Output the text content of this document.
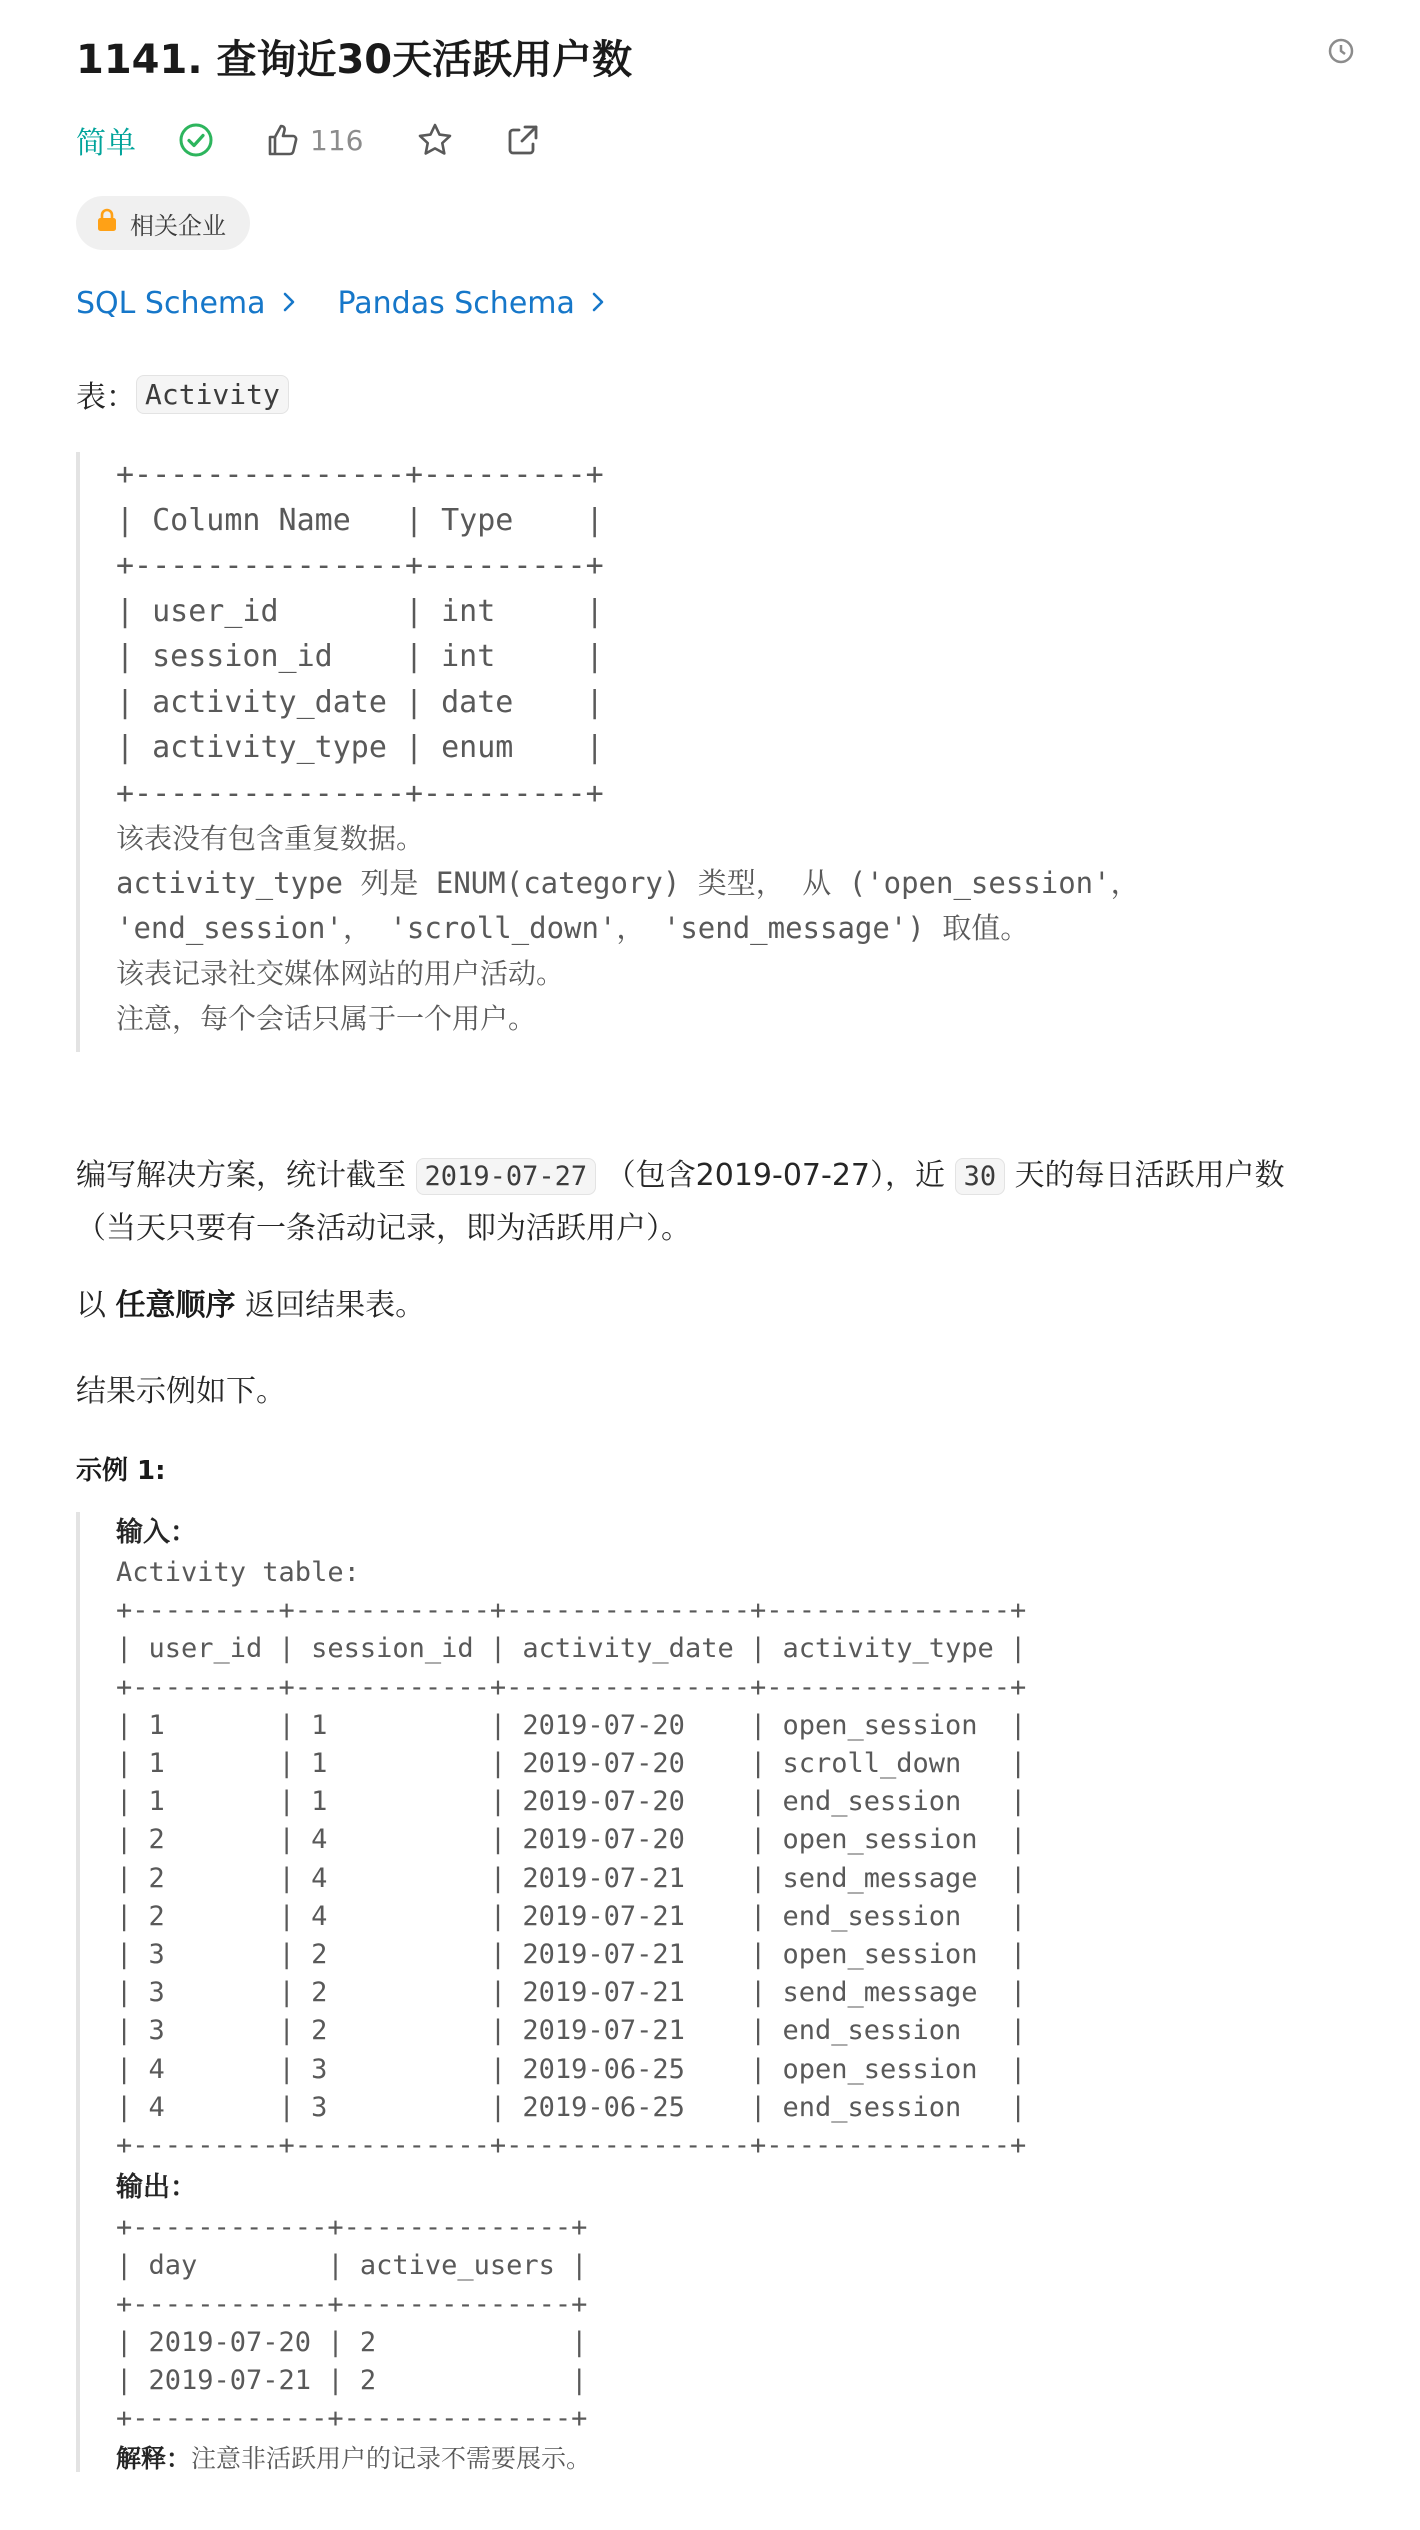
1141. 查询近30天活跃用户数
简单	116
相关企业
SQL Schema Pandas Schema
表： Activity
+---------------+---------+
| Column Name   | Type    |
+---------------+---------+
| user_id       | int     |
| session_id    | int     |
| activity_date | date    |
| activity_type | enum    |
+---------------+---------+
该表没有包含重复数据。
activity_type 列是 ENUM(category) 类型， 从 ('open_session'，
'end_session'， 'scroll_down'， 'send_message') 取值。
该表记录社交媒体网站的用户活动。
注意，每个会话只属于一个用户。
编写解决方案，统计截至 2019-07-27 （包含2019-07-27），近 30 天的每日活跃用户数（当天只要有一条活动记录，即为活跃用户）。
以 任意顺序 返回结果表。
结果示例如下。
示例 1:
输入：
Activity table:
+---------+------------+---------------+---------------+
| user_id | session_id | activity_date | activity_type |
+---------+------------+---------------+---------------+
| 1       | 1          | 2019-07-20    | open_session  |
| 1       | 1          | 2019-07-20    | scroll_down   |
| 1       | 1          | 2019-07-20    | end_session   |
| 2       | 4          | 2019-07-20    | open_session  |
| 2       | 4          | 2019-07-21    | send_message  |
| 2       | 4          | 2019-07-21    | end_session   |
| 3       | 2          | 2019-07-21    | open_session  |
| 3       | 2          | 2019-07-21    | send_message  |
| 3       | 2          | 2019-07-21    | end_session   |
| 4       | 3          | 2019-06-25    | open_session  |
| 4       | 3          | 2019-06-25    | end_session   |
+---------+------------+---------------+---------------+
输出：
+------------+--------------+
| day        | active_users |
+------------+--------------+
| 2019-07-20 | 2            |
| 2019-07-21 | 2            |
+------------+--------------+
解释：注意非活跃用户的记录不需要展示。
